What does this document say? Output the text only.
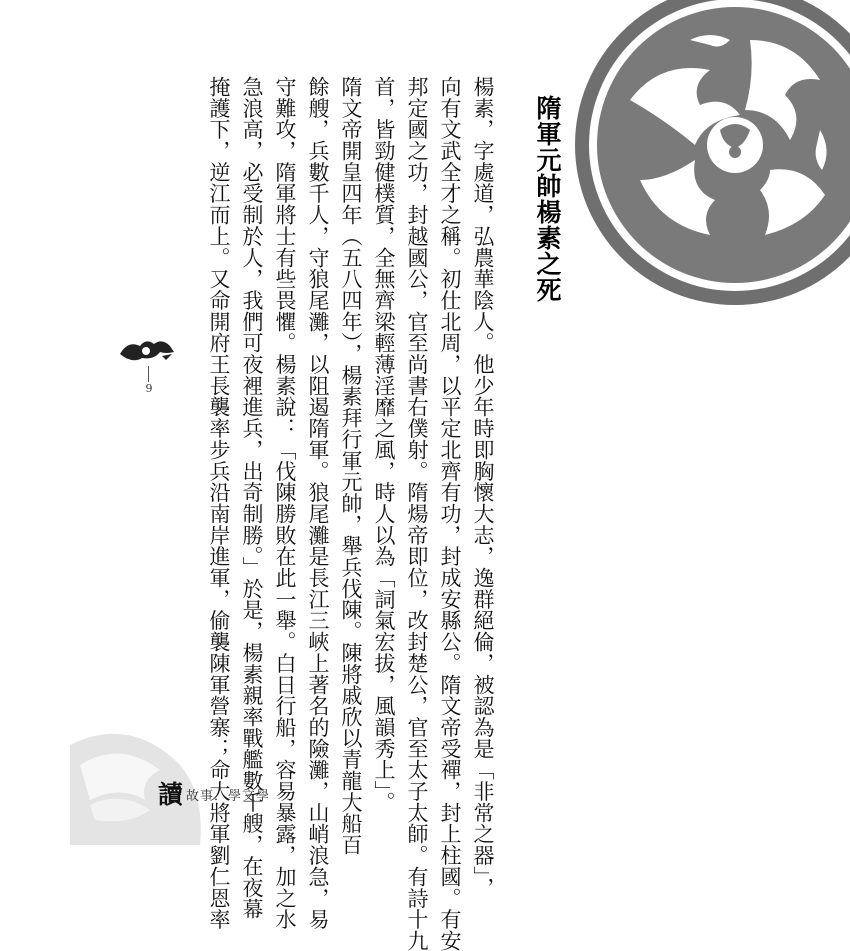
隋軍元帥楊素之死
楊素，字處道，弘農華陰人。他少年時即胸懷大志，逸群絕倫，被認為是「非常之器」，
向有文武全才之稱。初仕北周，以平定北齊有功，封成安縣公。隋文帝受禪，封上柱國。有安
邦定國之功，封越國公，官至尚書右僕射。隋煬帝即位，改封楚公，官至太子太師。有詩十九
首，皆勁健樸質，全無齊梁輕薄淫靡之風，時人以為「詞氣宏拔，風韻秀上」。
隋文帝開皇四年（五八四年），楊素拜行軍元帥，舉兵伐陳。陳將戚欣以青龍大船百
餘艘，兵數千人，守狼尾灘，以阻遏隋軍。狼尾灘是長江三峽上著名的險灘，山峭浪急，易
守難攻，隋軍將士有些畏懼。楊素說：「伐陳勝敗在此一舉。白日行船，容易暴露，加之水
急浪高，必受制於人，我們可夜裡進兵，出奇制勝。」於是，楊素親率戰艦數千艘，在夜幕
掩護下，逆江而上。又命開府王長襲率步兵沿南岸進軍，偷襲陳軍營寨；命大將軍劉仁恩率
9
讀 故事．學文學
